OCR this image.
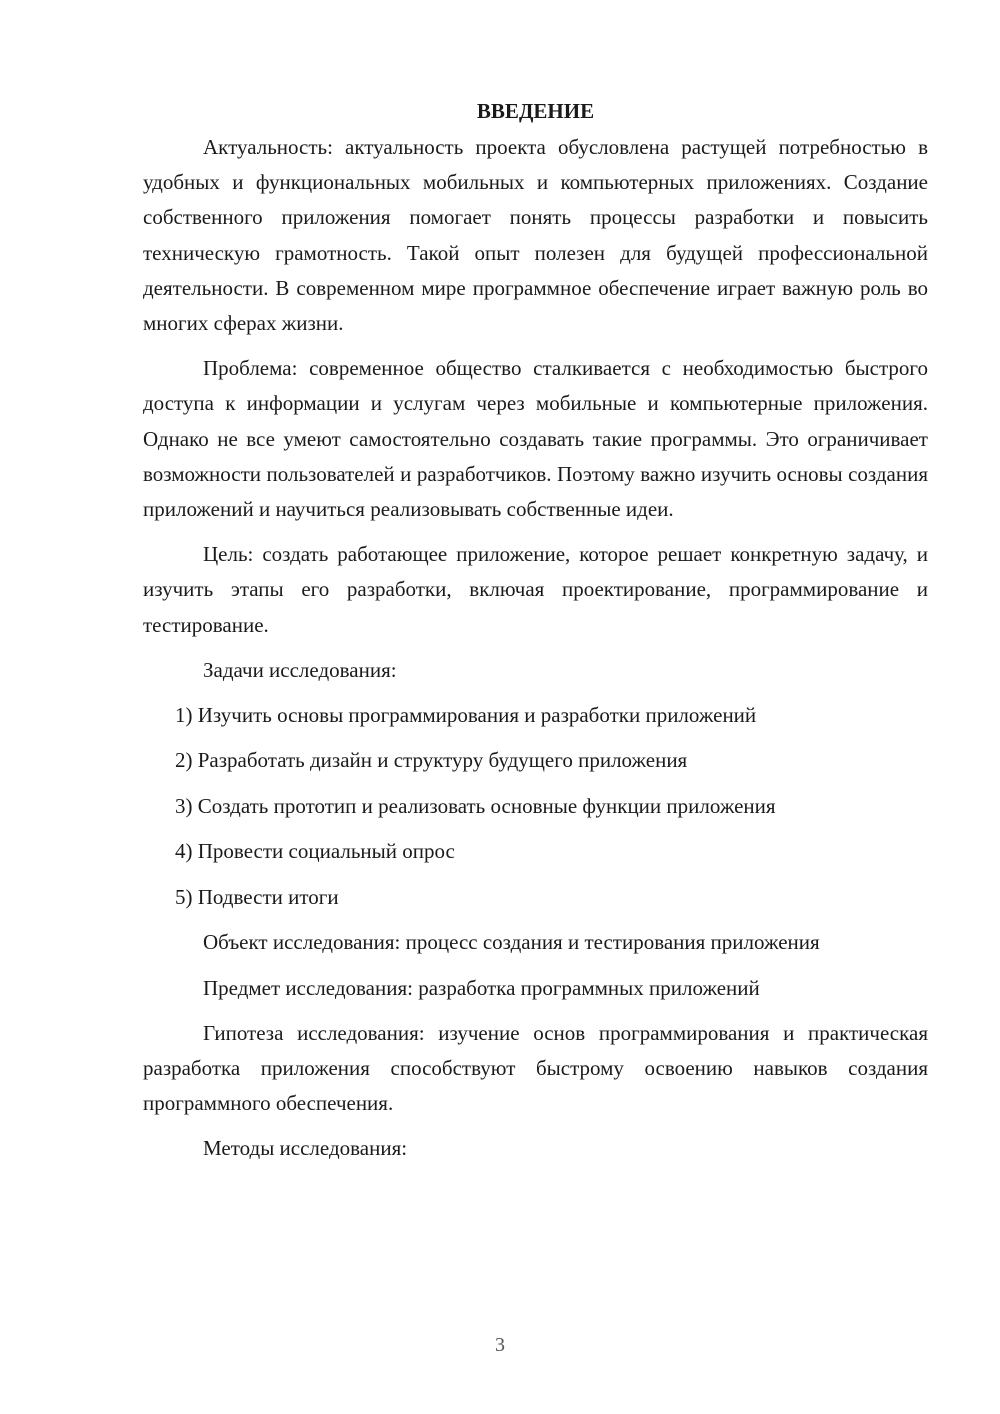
ВВЕДЕНИЕ

Актуальность: актуальность проекта обусловлена растущей потребностью в удобных и функциональных мобильных и компьютерных приложениях. Создание собственного приложения помогает понять процессы разработки и повысить техническую грамотность. Такой опыт полезен для будущей профессиональной деятельности. В современном мире программное обеспечение играет важную роль во многих сферах жизни.

Проблема: современное общество сталкивается с необходимостью быстрого доступа к информации и услугам через мобильные и компьютерные приложения. Однако не все умеют самостоятельно создавать такие программы. Это ограничивает возможности пользователей и разработчиков. Поэтому важно изучить основы создания приложений и научиться реализовывать собственные идеи.

Цель: создать работающее приложение, которое решает конкретную задачу, и изучить этапы его разработки, включая проектирование, программирование и тестирование.

Задачи исследования:

1) Изучить основы программирования и разработки приложений

2) Разработать дизайн и структуру будущего приложения

3) Создать прототип и реализовать основные функции приложения

4) Провести социальный опрос

5) Подвести итоги

Объект исследования: процесс создания и тестирования приложения

Предмет исследования: разработка программных приложений

Гипотеза исследования: изучение основ программирования и практическая разработка приложения способствуют быстрому освоению навыков создания программного обеспечения.

Методы исследования:

3
